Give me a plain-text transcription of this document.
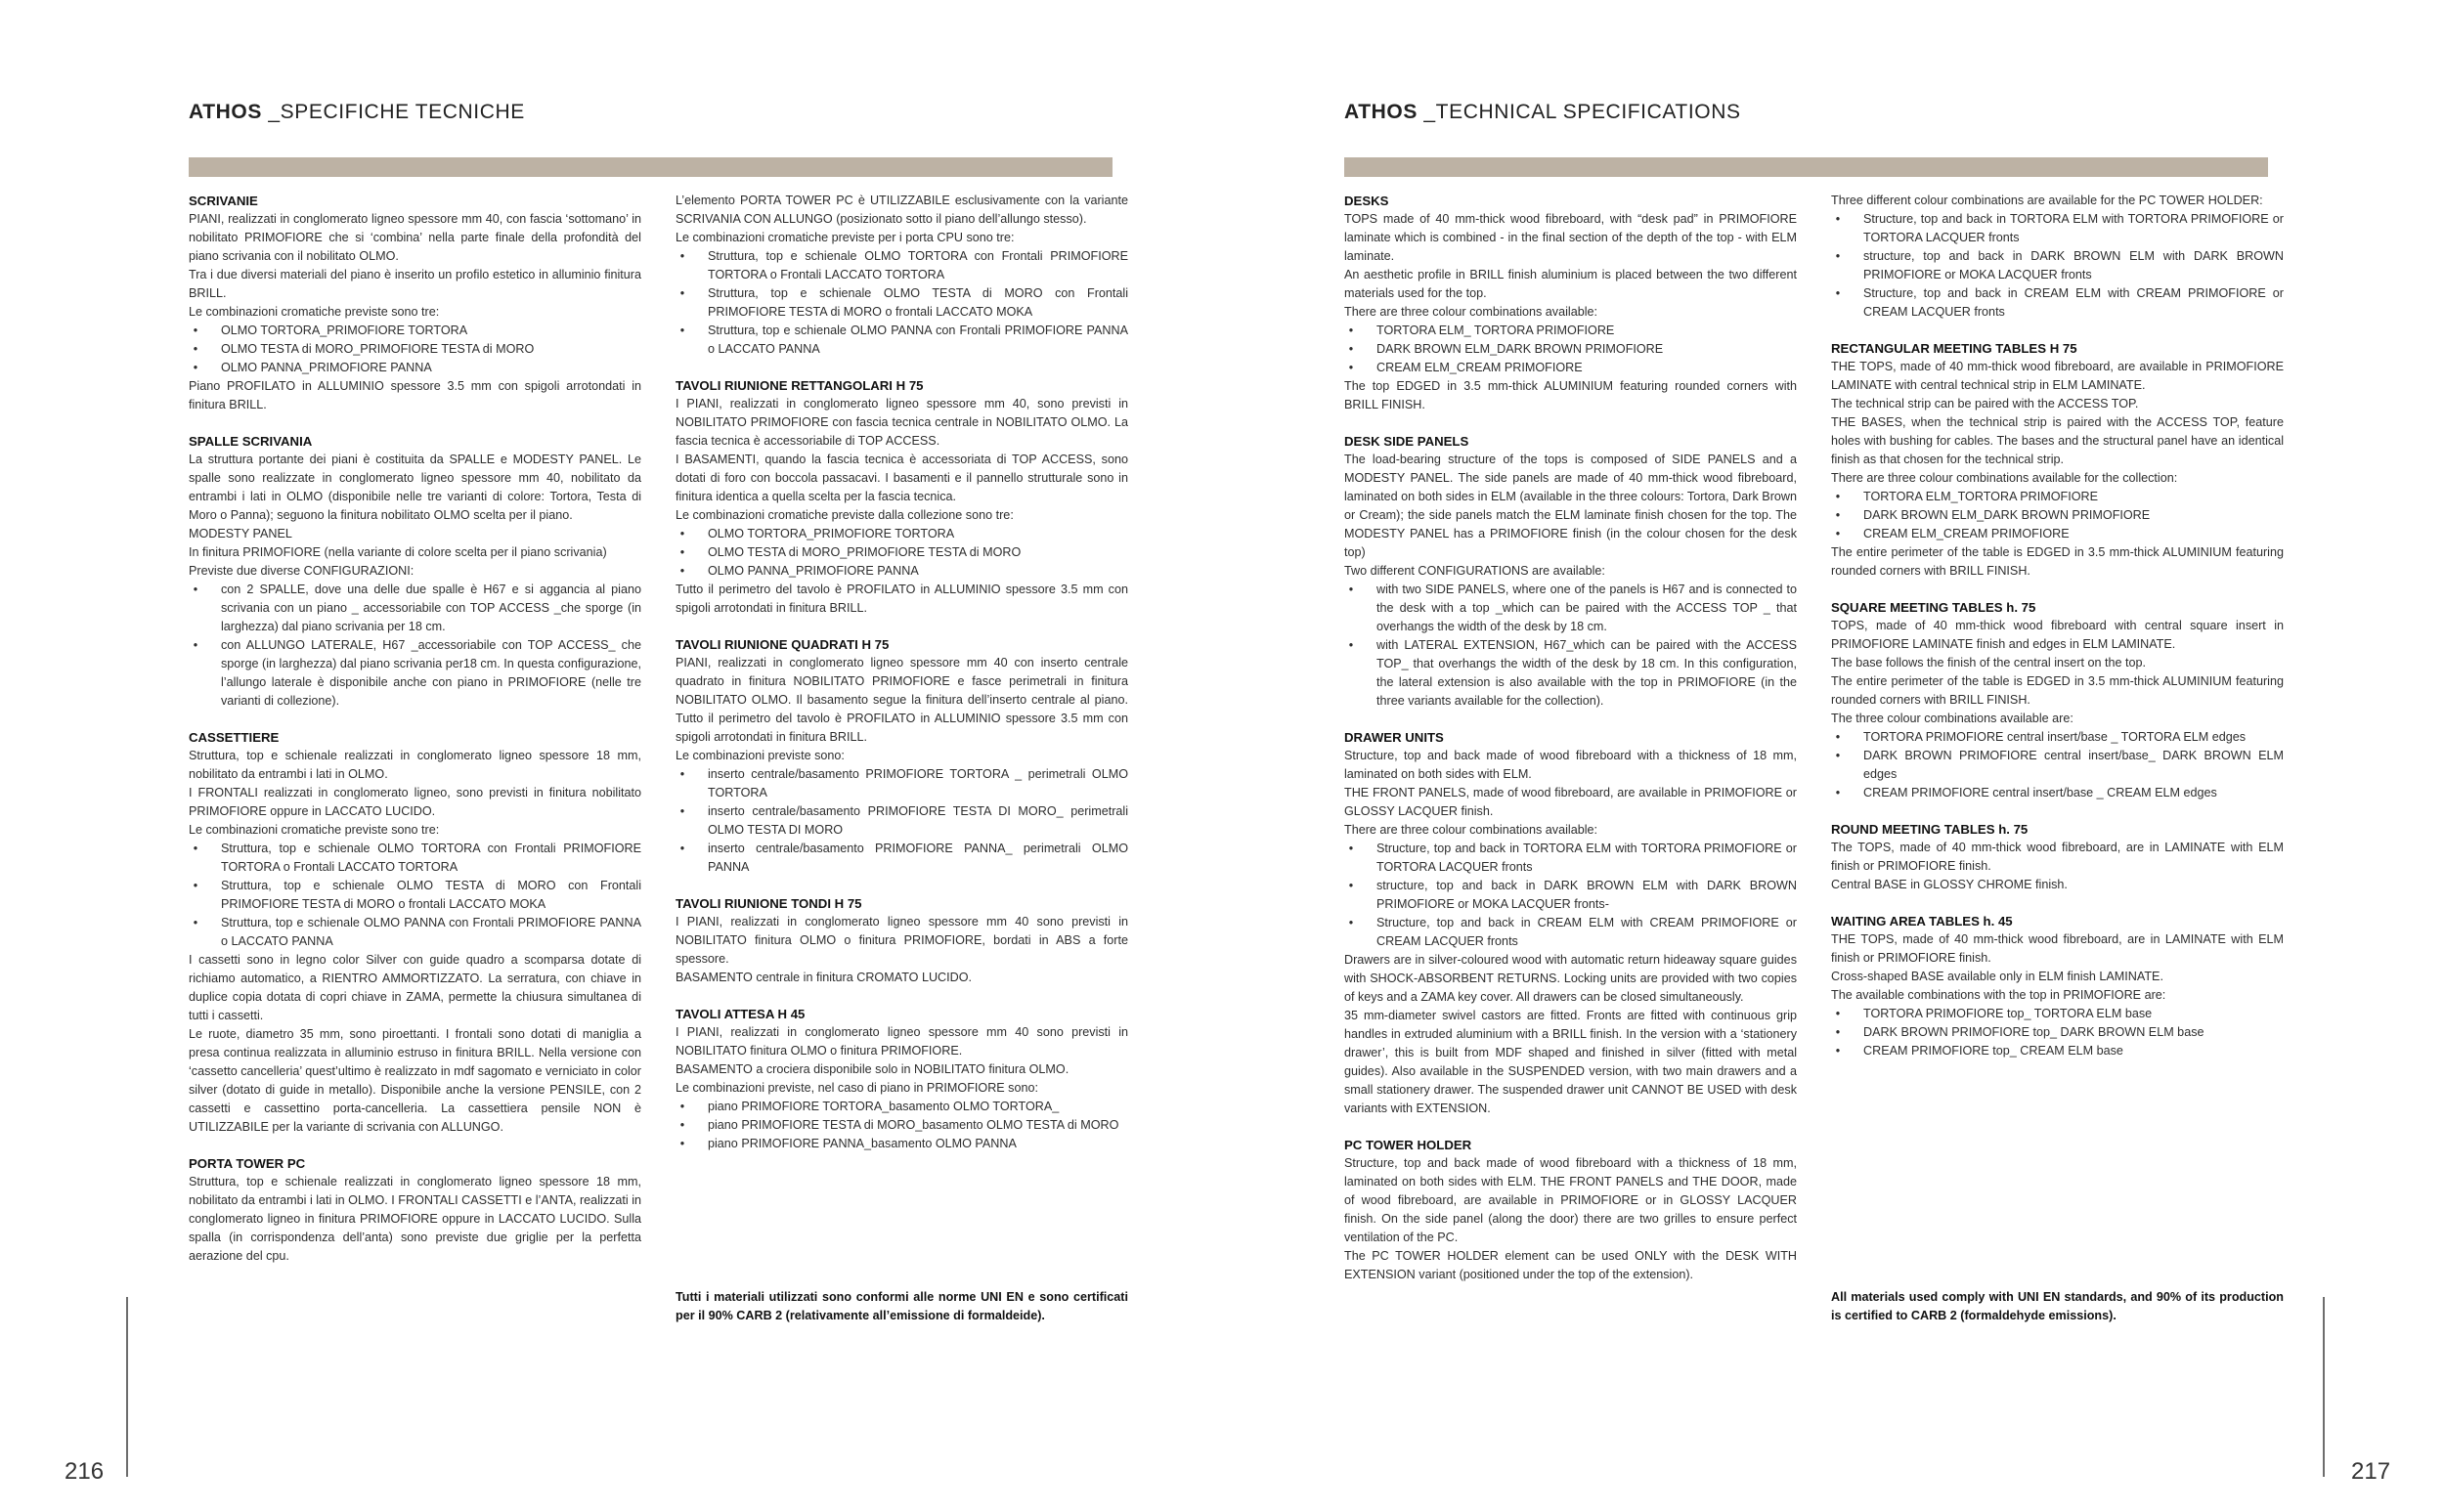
ATHOS _SPECIFICHE TECNICHE
SCRIVANIE

PIANI, realizzati in conglomerato ligneo spessore mm 40, con fascia ‘sottomano’ in nobilitato PRIMOFIORE che si ‘combina’ nella parte finale della profondità del piano scrivania con il nobilitato OLMO.

Tra i due diversi materiali del piano è inserito un profilo estetico in alluminio finitura BRILL.

Le combinazioni cromatiche previste sono tre:

• OLMO TORTORA_PRIMOFIORE TORTORA
• OLMO TESTA di MORO_PRIMOFIORE TESTA di MORO
• OLMO PANNA_PRIMOFIORE PANNA

Piano PROFILATO in ALLUMINIO spessore 3.5 mm con spigoli arrotondati in finitura BRILL.

SPALLE SCRIVANIA

La struttura portante dei piani è costituita da SPALLE e MODESTY PANEL. Le spalle sono realizzate in conglomerato ligneo spessore mm 40, nobilitato da entrambi i lati in OLMO (disponibile nelle tre varianti di colore: Tortora, Testa di Moro o Panna); seguono la finitura nobilitato OLMO scelta per il piano.

MODESTY PANEL

In finitura PRIMOFIORE (nella variante di colore scelta per il piano scrivania)

Previste due diverse CONFIGURAZIONI:

• con 2 SPALLE, dove una delle due spalle è H67 e si aggancia al piano scrivania con un piano _ accessoriabile con TOP ACCESS _che sporge (in larghezza) dal piano scrivania per 18 cm.
• con ALLUNGO LATERALE, H67 _accessoriabile con TOP ACCESS_ che sporge (in larghezza) dal piano scrivania per18 cm. In questa configurazione, l’allungo laterale è disponibile anche con piano in PRIMOFIORE (nelle tre varianti di collezione).
CASSETTIERE

Struttura, top e schienale realizzati in conglomerato ligneo spessore 18 mm, nobilitato da entrambi i lati in OLMO.

I FRONTALI realizzati in conglomerato ligneo, sono previsti in finitura nobilitato PRIMOFIORE oppure in LACCATO LUCIDO.

Le combinazioni cromatiche previste sono tre:

• Struttura, top e schienale OLMO TORTORA con Frontali PRIMOFIORE TORTORA o Frontali LACCATO TORTORA
• Struttura, top e schienale OLMO TESTA di MORO con Frontali PRIMOFIORE TESTA di MORO o frontali LACCATO MOKA
• Struttura, top e schienale OLMO PANNA con Frontali PRIMOFIORE PANNA o LACCATO PANNA

I cassetti sono in legno color Silver con guide quadro a scomparsa dotate di richiamo automatico, a RIENTRO AMMORTIZZATO. La serratura, con chiave in duplice copia dotata di copri chiave in ZAMA, permette la chiusura simultanea di tutti i cassetti.

Le ruote, diametro 35 mm, sono piroettanti. I frontali sono dotati di maniglia a presa continua realizzata in alluminio estruso in finitura BRILL. Nella versione con ‘cassetto cancelleria’ quest’ultimo è realizzato in mdf sagomato e verniciato in color silver (dotato di guide in metallo). Disponibile anche la versione PENSILE, con 2 cassetti e cassettino porta-cancelleria. La cassettiera pensile NON è UTILIZZABILE per la variante di scrivania con ALLUNGO.

PORTA TOWER PC

Struttura, top e schienale realizzati in conglomerato ligneo spessore 18 mm, nobilitato da entrambi i lati in OLMO. I FRONTALI CASSETTI e l’ANTA, realizzati in conglomerato ligneo in finitura PRIMOFIORE oppure in LACCATO LUCIDO. Sulla spalla (in corrispondenza dell’anta) sono previste due griglie per la perfetta aerazione del cpu.

L’elemento PORTA TOWER PC è UTILIZZABILE esclusivamente con la variante SCRIVANIA CON ALLUNGO (posizionato sotto il piano dell’allungo stesso).

Le combinazioni cromatiche previste per i porta CPU sono tre:

• Struttura, top e schienale OLMO TORTORA con Frontali PRIMOFIORE TORTORA o Frontali LACCATO TORTORA
• Struttura, top e schienale OLMO TESTA di MORO con Frontali PRIMOFIORE TESTA di MORO o frontali LACCATO MOKA
• Struttura, top e schienale OLMO PANNA con Frontali PRIMOFIORE PANNA o LACCATO PANNA
TAVOLI RIUNIONE RETTANGOLARI H 75

I PIANI, realizzati in conglomerato ligneo spessore mm 40, sono previsti in NOBILITATO PRIMOFIORE con fascia tecnica centrale in NOBILITATO OLMO. La fascia tecnica è accessoriabile di TOP ACCESS.

I BASAMENTI, quando la fascia tecnica è accessoriata di TOP ACCESS, sono dotati di foro con boccola passacavi. I basamenti e il pannello strutturale sono in finitura identica a quella scelta per la fascia tecnica.

Le combinazioni cromatiche previste dalla collezione sono tre:

• OLMO TORTORA_PRIMOFIORE TORTORA
• OLMO TESTA di MORO_PRIMOFIORE TESTA di MORO
• OLMO PANNA_PRIMOFIORE PANNA

Tutto il perimetro del tavolo è PROFILATO in ALLUMINIO spessore 3.5 mm con spigoli arrotondati in finitura BRILL.

TAVOLI RIUNIONE QUADRATI H 75

PIANI, realizzati in conglomerato ligneo spessore mm 40 con inserto centrale quadrato in finitura NOBILITATO PRIMOFIORE e fasce perimetrali in finitura NOBILITATO OLMO. Il basamento segue la finitura dell’inserto centrale al piano. Tutto il perimetro del tavolo è PROFILATO in ALLUMINIO spessore 3.5 mm con spigoli arrotondati in finitura BRILL.

Le combinazioni previste sono:

• inserto centrale/basamento PRIMOFIORE TORTORA _ perimetrali OLMO TORTORA
• inserto centrale/basamento PRIMOFIORE TESTA DI MORO_ perimetrali OLMO TESTA DI MORO
• inserto centrale/basamento PRIMOFIORE PANNA_ perimetrali OLMO PANNA
TAVOLI RIUNIONE TONDI H 75

I PIANI, realizzati in conglomerato ligneo spessore mm 40 sono previsti in NOBILITATO finitura OLMO o finitura PRIMOFIORE, bordati in ABS a forte spessore.

BASAMENTO centrale in finitura CROMATO LUCIDO.

TAVOLI ATTESA H 45

I PIANI, realizzati in conglomerato ligneo spessore mm 40 sono previsti in NOBILITATO finitura OLMO o finitura PRIMOFIORE.

BASAMENTO a crociera disponibile solo in NOBILITATO finitura OLMO.

Le combinazioni previste, nel caso di piano in PRIMOFIORE sono:

• piano PRIMOFIORE TORTORA_basamento OLMO TORTORA_
• piano PRIMOFIORE TESTA di MORO_basamento OLMO TESTA di MORO
• piano PRIMOFIORE PANNA_basamento OLMO PANNA
Tutti i materiali utilizzati sono conformi alle norme UNI EN e sono certificati per il 90% CARB 2 (relativamente all’emissione di formaldeide).
216
ATHOS _TECHNICAL SPECIFICATIONS
DESKS

TOPS made of 40 mm-thick wood fibreboard, with “desk pad” in PRIMOFIORE laminate which is combined - in the final section of the depth of the top - with ELM laminate.

An aesthetic profile in BRILL finish aluminium is placed between the two different materials used for the top.

There are three colour combinations available:

• TORTORA ELM_ TORTORA PRIMOFIORE
• DARK BROWN ELM_DARK BROWN PRIMOFIORE
• CREAM ELM_CREAM PRIMOFIORE

The top EDGED in 3.5 mm-thick ALUMINIUM featuring rounded corners with BRILL FINISH.

DESK SIDE PANELS

The load-bearing structure of the tops is composed of SIDE PANELS and a MODESTY PANEL. The side panels are made of 40 mm-thick wood fibreboard, laminated on both sides in ELM (available in the three colours: Tortora, Dark Brown or Cream); the side panels match the ELM laminate finish chosen for the top. The MODESTY PANEL has a PRIMOFIORE finish (in the colour chosen for the desk top)

Two different CONFIGURATIONS are available:

• with two SIDE PANELS, where one of the panels is H67 and is connected to the desk with a top _which can be paired with the ACCESS TOP _ that overhangs the width of the desk by 18 cm.
• with LATERAL EXTENSION, H67_which can be paired with the ACCESS TOP_ that overhangs the width of the desk by 18 cm. In this configuration, the lateral extension is also available with the top in PRIMOFIORE (in the three variants available for the collection).
DRAWER UNITS

Structure, top and back made of wood fibreboard with a thickness of 18 mm, laminated on both sides with ELM.

THE FRONT PANELS, made of wood fibreboard, are available in PRIMOFIORE or GLOSSY LACQUER finish.

There are three colour combinations available:

• Structure, top and back in TORTORA ELM with TORTORA PRIMOFIORE or TORTORA LACQUER fronts
• structure, top and back in DARK BROWN ELM with DARK BROWN PRIMOFIORE or MOKA LACQUER fronts-
• Structure, top and back in CREAM ELM with CREAM PRIMOFIORE or CREAM LACQUER fronts

Drawers are in silver-coloured wood with automatic return hideaway square guides with SHOCK-ABSORBENT RETURNS. Locking units are provided with two copies of keys and a ZAMA key cover. All drawers can be closed simultaneously.

35 mm-diameter swivel castors are fitted. Fronts are fitted with continuous grip handles in extruded aluminium with a BRILL finish. In the version with a ‘stationery drawer’, this is built from MDF shaped and finished in silver (fitted with metal guides). Also available in the SUSPENDED version, with two main drawers and a small stationery drawer. The suspended drawer unit CANNOT BE USED with desk variants with EXTENSION.

PC TOWER HOLDER

Structure, top and back made of wood fibreboard with a thickness of 18 mm, laminated on both sides with ELM. THE FRONT PANELS and THE DOOR, made of wood fibreboard, are available in PRIMOFIORE or in GLOSSY LACQUER finish. On the side panel (along the door) there are two grilles to ensure perfect ventilation of the PC.

The PC TOWER HOLDER element can be used ONLY with the DESK WITH EXTENSION variant (positioned under the top of the extension).

Three different colour combinations are available for the PC TOWER HOLDER:

• Structure, top and back in TORTORA ELM with TORTORA PRIMOFIORE or TORTORA LACQUER fronts
• structure, top and back in DARK BROWN ELM with DARK BROWN PRIMOFIORE or MOKA LACQUER fronts
• Structure, top and back in CREAM ELM with CREAM PRIMOFIORE or CREAM LACQUER fronts
RECTANGULAR MEETING TABLES H 75

THE TOPS, made of 40 mm-thick wood fibreboard, are available in PRIMOFIORE LAMINATE with central technical strip in ELM LAMINATE.

The technical strip can be paired with the ACCESS TOP.

THE BASES, when the technical strip is paired with the ACCESS TOP, feature holes with bushing for cables. The bases and the structural panel have an identical finish as that chosen for the technical strip.

There are three colour combinations available for the collection:

• TORTORA ELM_TORTORA PRIMOFIORE
• DARK BROWN ELM_DARK BROWN PRIMOFIORE
• CREAM ELM_CREAM PRIMOFIORE

The entire perimeter of the table is EDGED in 3.5 mm-thick ALUMINIUM featuring rounded corners with BRILL FINISH.

SQUARE MEETING TABLES h. 75

TOPS, made of 40 mm-thick wood fibreboard with central square insert in PRIMOFIORE LAMINATE finish and edges in ELM LAMINATE.

The base follows the finish of the central insert on the top.

The entire perimeter of the table is EDGED in 3.5 mm-thick ALUMINIUM featuring rounded corners with BRILL FINISH.

The three colour combinations available are:

• TORTORA PRIMOFIORE central insert/base _ TORTORA ELM edges
• DARK BROWN PRIMOFIORE central insert/base_ DARK BROWN ELM edges
• CREAM PRIMOFIORE central insert/base _ CREAM ELM edges
ROUND MEETING TABLES h. 75

The TOPS, made of 40 mm-thick wood fibreboard, are in LAMINATE with ELM finish or PRIMOFIORE finish.

Central BASE in GLOSSY CHROME finish.

WAITING AREA TABLES h. 45

THE TOPS, made of 40 mm-thick wood fibreboard, are in LAMINATE with ELM finish or PRIMOFIORE finish.

Cross-shaped BASE available only in ELM finish LAMINATE.

The available combinations with the top in PRIMOFIORE are:

• TORTORA PRIMOFIORE top_ TORTORA ELM base
• DARK BROWN PRIMOFIORE top_ DARK BROWN ELM base
• CREAM PRIMOFIORE top_ CREAM ELM base
All materials used comply with UNI EN standards, and 90% of its production is certified to CARB 2 (formaldehyde emissions).
217
